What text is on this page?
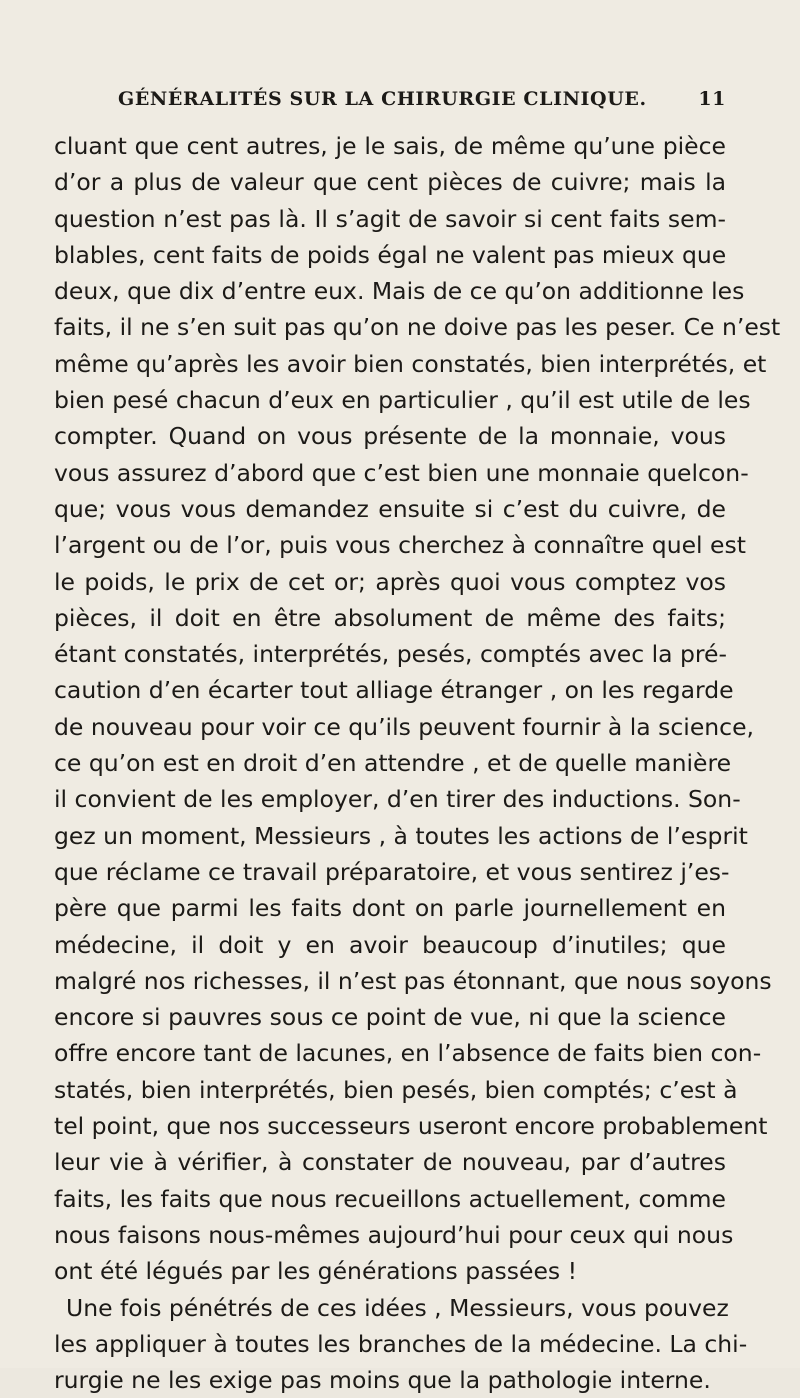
GÉNÉRALITÉS SUR LA CHIRURGIE CLINIQUE.	11

cluant que cent autres, je le sais, de même qu’une pièce
d’or a plus de valeur que cent pièces de cuivre; mais la
question n’est pas là. Il s’agit de savoir si cent faits sem-
blables, cent faits de poids égal ne valent pas mieux que
deux, que dix d’entre eux. Mais de ce qu’on additionne les
faits, il ne s’en suit pas qu’on ne doive pas les peser. Ce n’est
même qu’après les avoir bien constatés, bien interprétés, et
bien pesé chacun d’eux en particulier , qu’il est utile de les
compter. Quand on vous présente de la monnaie, vous
vous assurez d’abord que c’est bien une monnaie quelcon-
que; vous vous demandez ensuite si c’est du cuivre, de
l’argent ou de l’or, puis vous cherchez à connaître quel est
le poids, le prix de cet or; après quoi vous comptez vos
pièces, il doit en être absolument de même des faits;
étant constatés, interprétés, pesés, comptés avec la pré-
caution d’en écarter tout alliage étranger , on les regarde
de nouveau pour voir ce qu’ils peuvent fournir à la science,
ce qu’on est en droit d’en attendre , et de quelle manière
il convient de les employer, d’en tirer des inductions. Son-
gez un moment, Messieurs , à toutes les actions de l’esprit
que réclame ce travail préparatoire, et vous sentirez j’es-
père que parmi les faits dont on parle journellement en
médecine, il doit y en avoir beaucoup d’inutiles; que
malgré nos richesses, il n’est pas étonnant, que nous soyons
encore si pauvres sous ce point de vue, ni que la science
offre encore tant de lacunes, en l’absence de faits bien con-
statés, bien interprétés, bien pesés, bien comptés; c’est à
tel point, que nos successeurs useront encore probablement
leur vie à vérifier, à constater de nouveau, par d’autres
faits, les faits que nous recueillons actuellement, comme
nous faisons nous-mêmes aujourd’hui pour ceux qui nous
ont été légués par les générations passées !

Une fois pénétrés de ces idées , Messieurs, vous pouvez
les appliquer à toutes les branches de la médecine. La chi-
rurgie ne les exige pas moins que la pathologie interne.
